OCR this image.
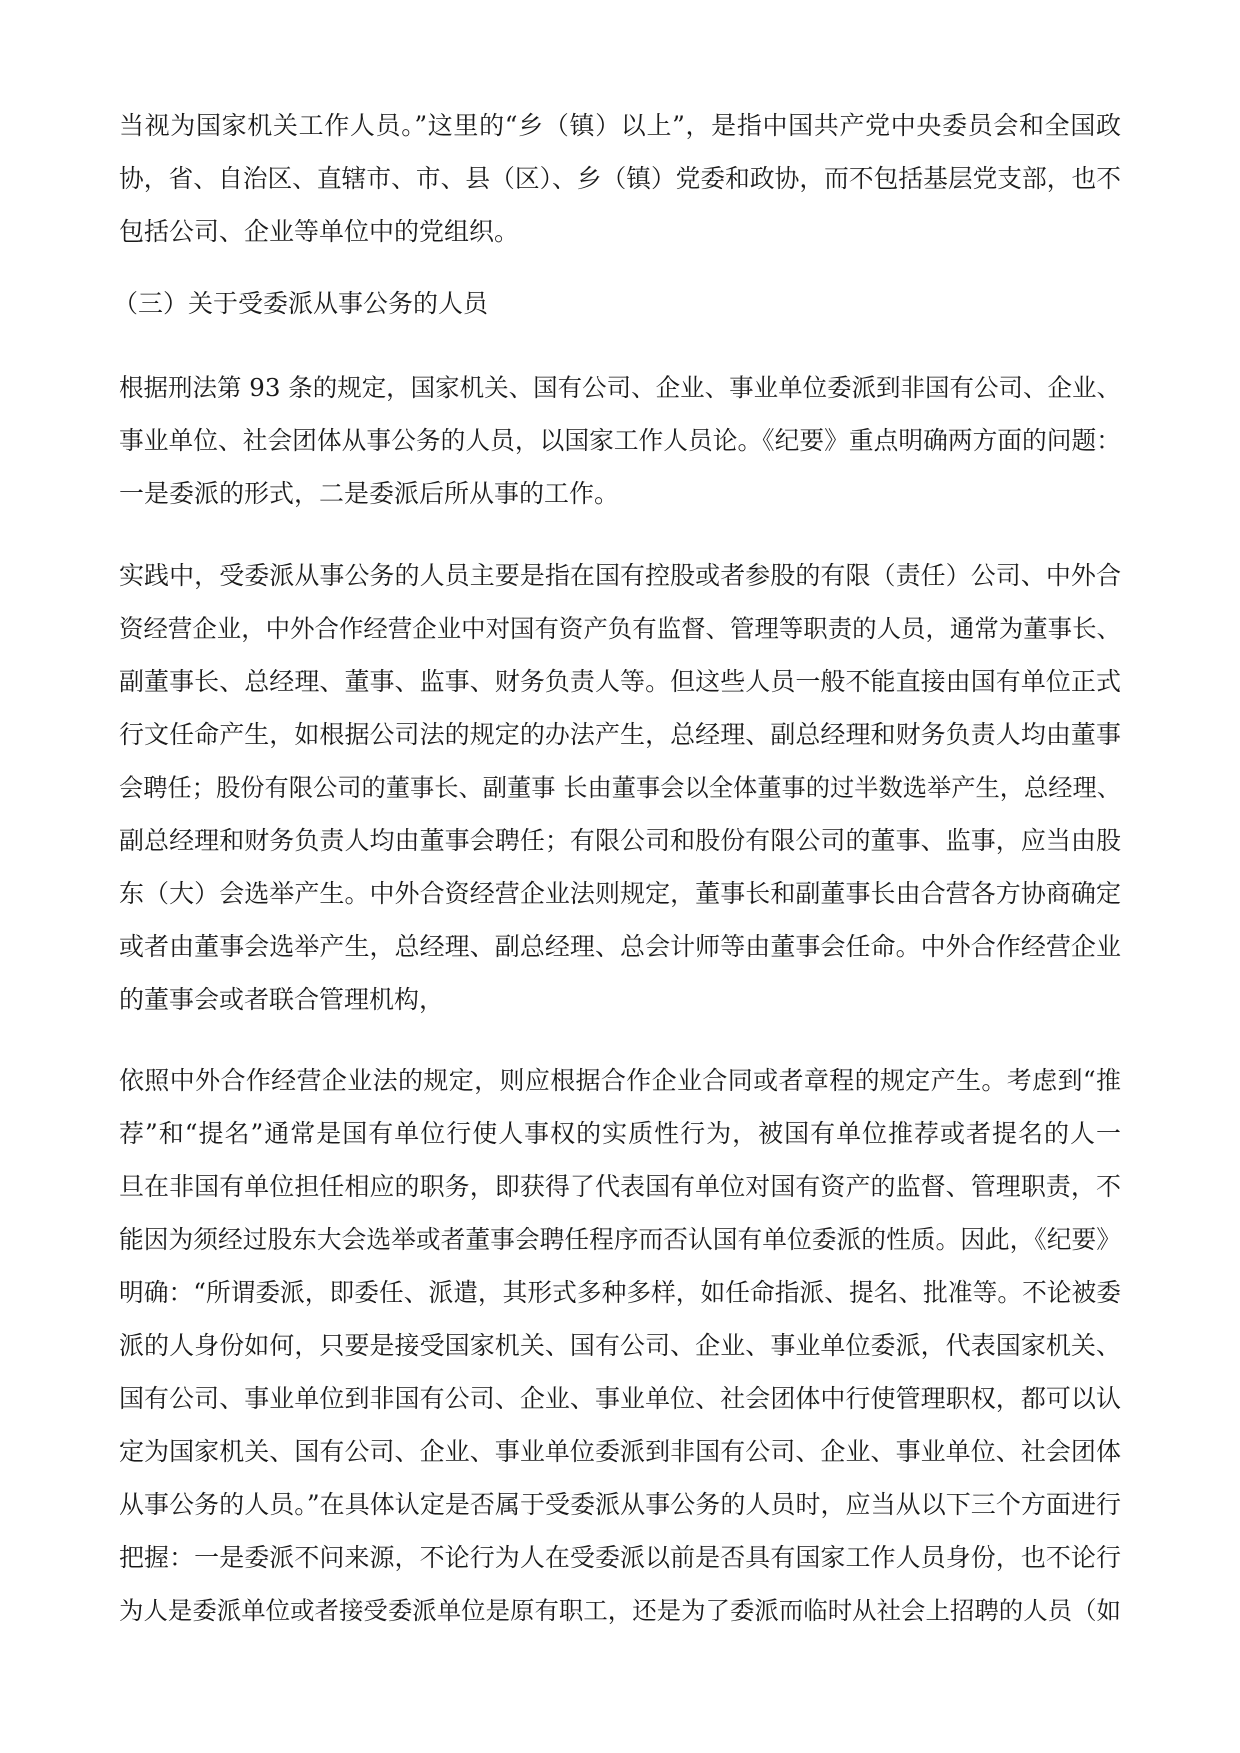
当视为国家机关工作人员。”这里的“乡（镇）以上”，是指中国共产党中央委员会和全国政
协，省、自治区、直辖市、市、县（区）、乡（镇）党委和政协，而不包括基层党支部，也不
包括公司、企业等单位中的党组织。
（三）关于受委派从事公务的人员
根据刑法第 93 条的规定，国家机关、国有公司、企业、事业单位委派到非国有公司、企业、
事业单位、社会团体从事公务的人员，以国家工作人员论。《纪要》重点明确两方面的问题：
一是委派的形式，二是委派后所从事的工作。
实践中，受委派从事公务的人员主要是指在国有控股或者参股的有限（责任）公司、中外合
资经营企业，中外合作经营企业中对国有资产负有监督、管理等职责的人员，通常为董事长、
副董事长、总经理、董事、监事、财务负责人等。但这些人员一般不能直接由国有单位正式
行文任命产生，如根据公司法的规定的办法产生，总经理、副总经理和财务负责人均由董事
会聘任；股份有限公司的董事长、副董事 长由董事会以全体董事的过半数选举产生，总经理、
副总经理和财务负责人均由董事会聘任；有限公司和股份有限公司的董事、监事，应当由股
东（大）会选举产生。中外合资经营企业法则规定，董事长和副董事长由合营各方协商确定
或者由董事会选举产生，总经理、副总经理、总会计师等由董事会任命。中外合作经营企业
的董事会或者联合管理机构，
依照中外合作经营企业法的规定，则应根据合作企业合同或者章程的规定产生。考虑到“推
荐”和“提名”通常是国有单位行使人事权的实质性行为，被国有单位推荐或者提名的人一
旦在非国有单位担任相应的职务，即获得了代表国有单位对国有资产的监督、管理职责，不
能因为须经过股东大会选举或者董事会聘任程序而否认国有单位委派的性质。因此，《纪要》
明确：“所谓委派，即委任、派遣，其形式多种多样，如任命指派、提名、批准等。不论被委
派的人身份如何，只要是接受国家机关、国有公司、企业、事业单位委派，代表国家机关、
国有公司、事业单位到非国有公司、企业、事业单位、社会团体中行使管理职权，都可以认
定为国家机关、国有公司、企业、事业单位委派到非国有公司、企业、事业单位、社会团体
从事公务的人员。”在具体认定是否属于受委派从事公务的人员时，应当从以下三个方面进行
把握：一是委派不问来源，不论行为人在受委派以前是否具有国家工作人员身份，也不论行
为人是委派单位或者接受委派单位是原有职工，还是为了委派而临时从社会上招聘的人员（如
